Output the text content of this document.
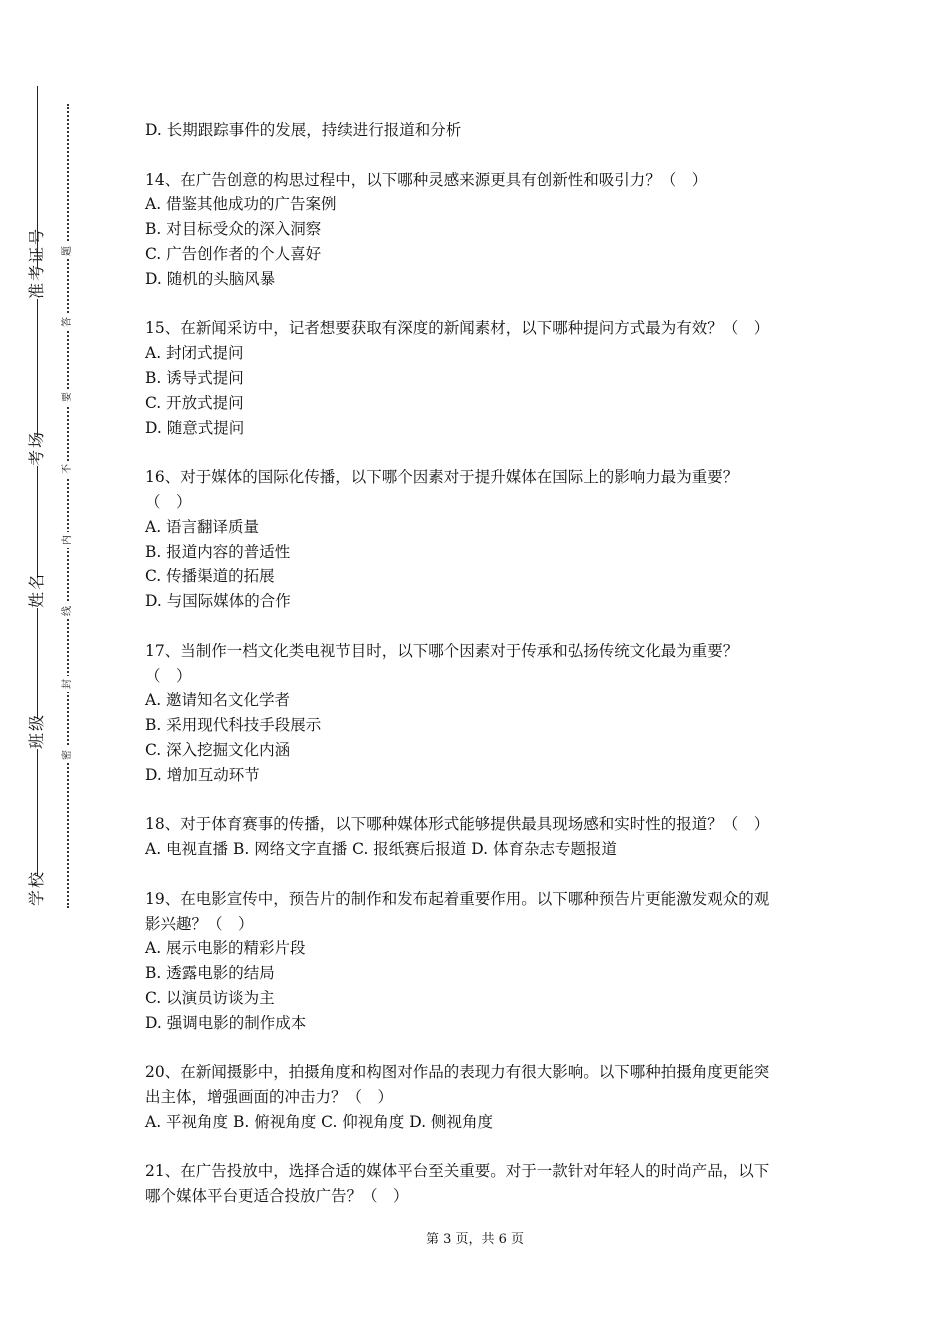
准考证号
考场
姓名
班级
学校
题
答
要
不
内
线
封
密
D. 长期跟踪事件的发展，持续进行报道和分析
14、在广告创意的构思过程中，以下哪种灵感来源更具有创新性和吸引力？（　）
A. 借鉴其他成功的广告案例
B. 对目标受众的深入洞察
C. 广告创作者的个人喜好
D. 随机的头脑风暴
15、在新闻采访中，记者想要获取有深度的新闻素材，以下哪种提问方式最为有效？（　）
A. 封闭式提问
B. 诱导式提问
C. 开放式提问
D. 随意式提问
16、对于媒体的国际化传播，以下哪个因素对于提升媒体在国际上的影响力最为重要？
（　）
A. 语言翻译质量
B. 报道内容的普适性
C. 传播渠道的拓展
D. 与国际媒体的合作
17、当制作一档文化类电视节目时，以下哪个因素对于传承和弘扬传统文化最为重要？
（　）
A. 邀请知名文化学者
B. 采用现代科技手段展示
C. 深入挖掘文化内涵
D. 增加互动环节
18、对于体育赛事的传播，以下哪种媒体形式能够提供最具现场感和实时性的报道？（　）
A. 电视直播 B. 网络文字直播 C. 报纸赛后报道 D. 体育杂志专题报道
19、在电影宣传中，预告片的制作和发布起着重要作用。以下哪种预告片更能激发观众的观
影兴趣？（　）
A. 展示电影的精彩片段
B. 透露电影的结局
C. 以演员访谈为主
D. 强调电影的制作成本
20、在新闻摄影中，拍摄角度和构图对作品的表现力有很大影响。以下哪种拍摄角度更能突
出主体，增强画面的冲击力？（　）
A. 平视角度 B. 俯视角度 C. 仰视角度 D. 侧视角度
21、在广告投放中，选择合适的媒体平台至关重要。对于一款针对年轻人的时尚产品，以下
哪个媒体平台更适合投放广告？（　）
第 3 页，共 6 页
